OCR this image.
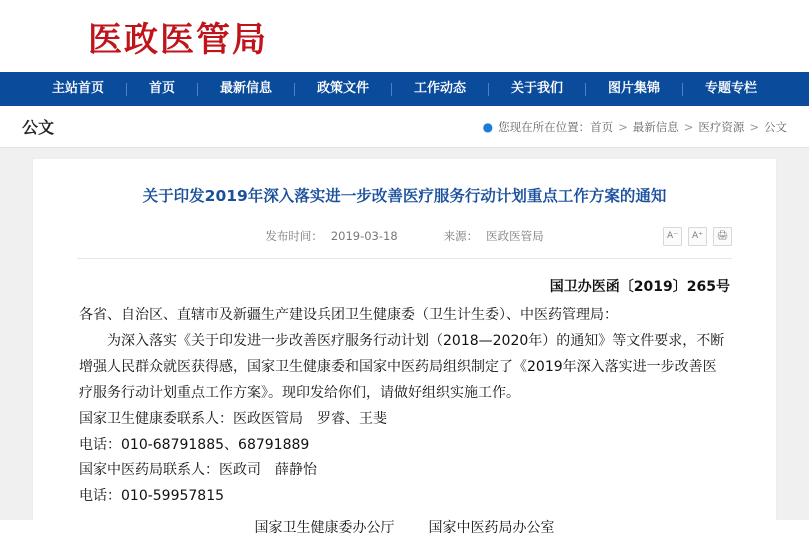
医政医管局
主站首页	首页	最新信息	政策文件	工作动态	关于我们	图片集锦	专题专栏
公文	● 您现在所在位置： 首页 > 最新信息 > 医疗资源 > 公文
关于印发2019年深入落实进一步改善医疗服务行动计划重点工作方案的通知
发布时间： 2019-03-18	来源： 医政医管局	A⁻	A⁺	🖨
国卫办医函〔2019〕265号

各省、自治区、直辖市及新疆生产建设兵团卫生健康委（卫生计生委）、中医药管理局：

为深入落实《关于印发进一步改善医疗服务行动计划（2018—2020年）的通知》等文件要求，不断增强人民群众就医获得感，国家卫生健康委和国家中医药局组织制定了《2019年深入落实进一步改善医疗服务行动计划重点工作方案》。现印发给你们，请做好组织实施工作。

国家卫生健康委联系人：医政医管局　罗睿、王斐

电话：010-68791885、68791889

国家中医药局联系人：医政司　薛静怡

电话：010-59957815

国家卫生健康委办公厅 国家中医药局办公室
